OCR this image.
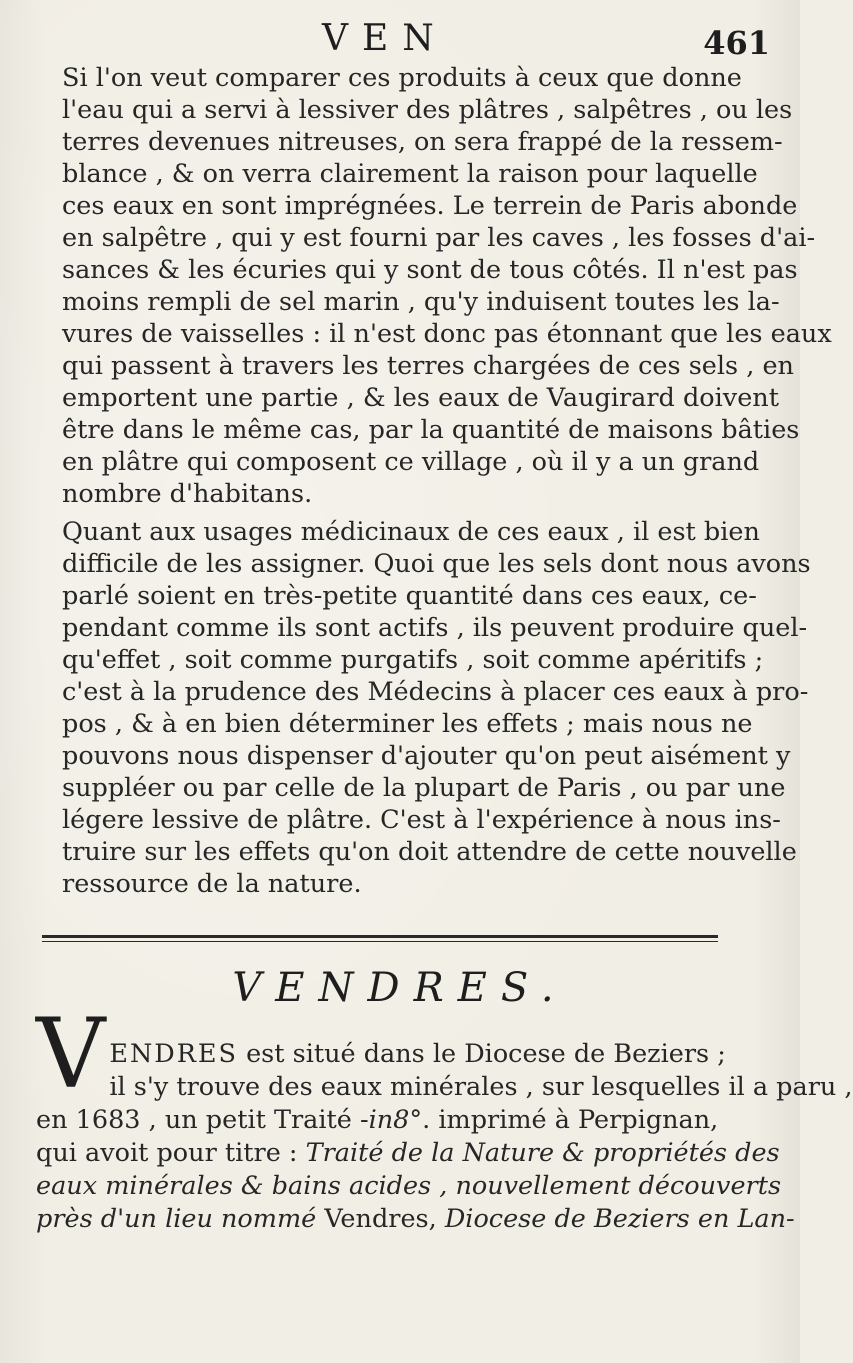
VEN	461

Si l'on veut comparer ces produits à ceux que donne
l'eau qui a servi à lessiver des plâtres , salpêtres , ou les
terres devenues nitreuses, on sera frappé de la ressem-
blance , & on verra clairement la raison pour laquelle
ces eaux en sont imprégnées. Le terrein de Paris abonde
en salpêtre , qui y est fourni par les caves , les fosses d'ai-
sances & les écuries qui y sont de tous côtés. Il n'est pas
moins rempli de sel marin , qu'y induisent toutes les la-
vures de vaisselles : il n'est donc pas étonnant que les eaux
qui passent à travers les terres chargées de ces sels , en
emportent une partie , & les eaux de Vaugirard doivent
être dans le même cas, par la quantité de maisons bâties
en plâtre qui composent ce village , où il y a un grand
nombre d'habitans.

Quant aux usages médicinaux de ces eaux , il est bien
difficile de les assigner. Quoi que les sels dont nous avons
parlé soient en très-petite quantité dans ces eaux, ce-
pendant comme ils sont actifs , ils peuvent produire quel-
qu'effet , soit comme purgatifs , soit comme apéritifs ;
c'est à la prudence des Médecins à placer ces eaux à pro-
pos , & à en bien déterminer les effets ; mais nous ne
pouvons nous dispenser d'ajouter qu'on peut aisément y
suppléer ou par celle de la plupart de Paris , ou par une
légere lessive de plâtre. C'est à l'expérience à nous ins-
truire sur les effets qu'on doit attendre de cette nouvelle
ressource de la nature.

VENDRES.
V ENDRES est situé dans le Diocese de Beziers ;
il s'y trouve des eaux minérales , sur lesquelles il a paru ,
en 1683 , un petit Traité -in8°. imprimé à Perpignan,
qui avoit pour titre : Traité de la Nature & propriétés des
eaux minérales & bains acides , nouvellement découverts
près d'un lieu nommé Vendres, Diocese de Beziers en Lan-
